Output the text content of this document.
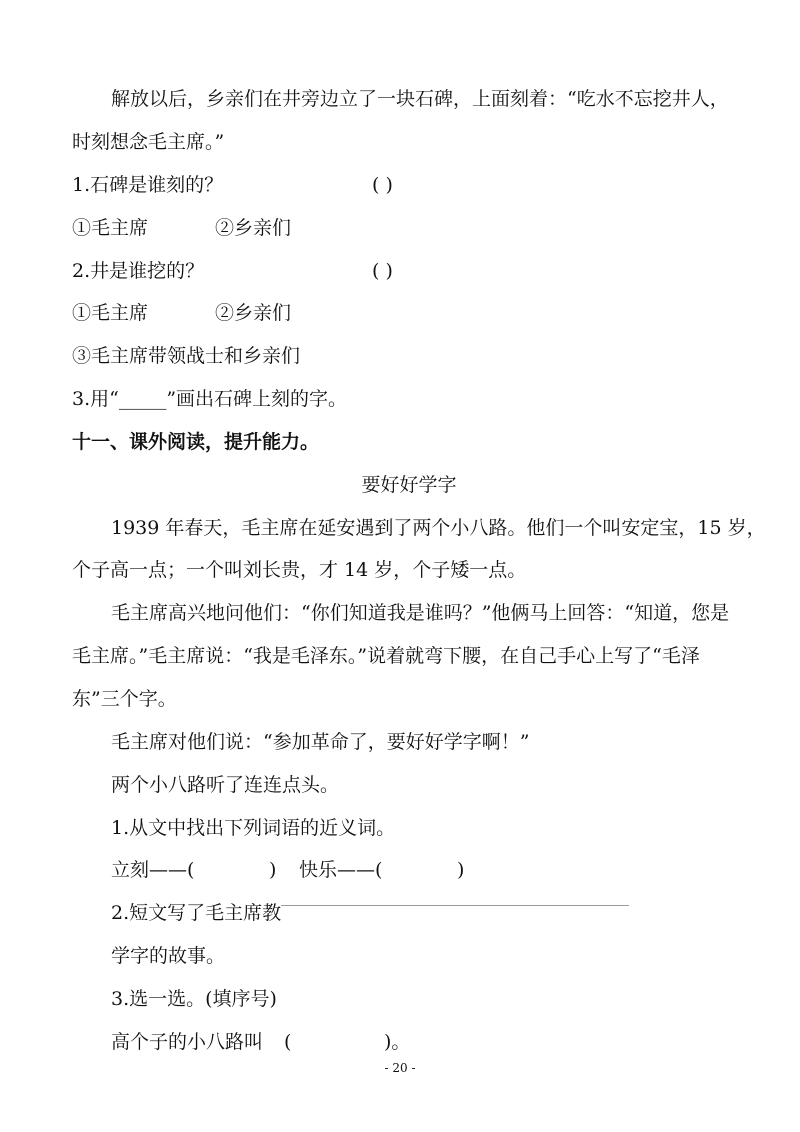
解放以后，乡亲们在井旁边立了一块石碑，上面刻着：“吃水不忘挖井人，
时刻想念毛主席。”
1.石碑是谁刻的？	( )
①毛主席	②乡亲们
2.井是谁挖的？	( )
①毛主席	②乡亲们
③毛主席带领战士和乡亲们
3.用“_____”画出石碑上刻的字。
十一、课外阅读，提升能力。
要好好学字
1939 年春天，毛主席在延安遇到了两个小八路。他们一个叫安定宝，15 岁，
个子高一点；一个叫刘长贵，才 14 岁，个子矮一点。
毛主席高兴地问他们：“你们知道我是谁吗？”他俩马上回答：“知道，您是
毛主席。”毛主席说：“我是毛泽东。”说着就弯下腰，在自己手心上写了“毛泽
东”三个字。
毛主席对他们说：“参加革命了，要好好学字啊！”
两个小八路听了连连点头。
1.从文中找出下列词语的近义词。
立刻——(	) 快乐——(	)
2.短文写了毛主席教
学字的故事。
3.选一选。(填序号)
高个子的小八路叫 (	)。
- 20 -
